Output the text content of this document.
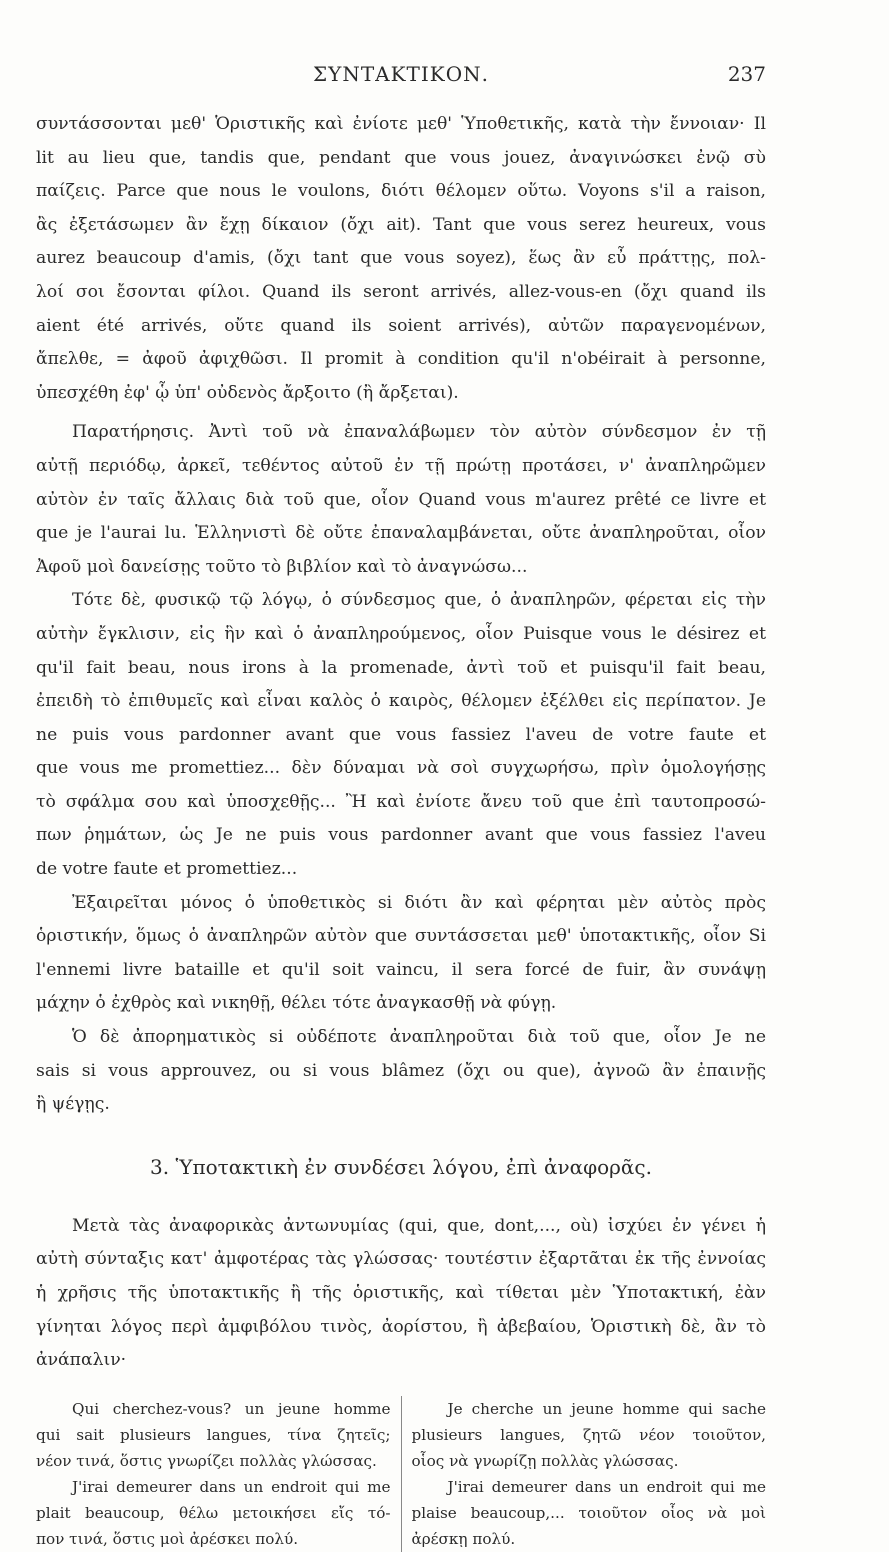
ΣΥΝΤΑΚΤΙΚΟΝ.	237
συντάσσονται μεθ' Ὁριστικῆς καὶ ἐνίοτε μεθ' Ὑποθετικῆς, κατὰ τὴν ἔννοιαν· Il
lit au lieu que, tandis que, pendant que vous jouez, ἀναγινώσκει ἐνῷ σὺ
παίζεις. Parce que nous le voulons, διότι θέλομεν οὕτω. Voyons s'il a raison,
ἂς ἐξετάσωμεν ἂν ἔχῃ δίκαιον (ὄχι ait). Tant que vous serez heureux, vous
aurez beaucoup d'amis, (ὄχι tant que vous soyez), ἕως ἂν εὖ πράττῃς, πολ-
λοί σοι ἔσονται φίλοι. Quand ils seront arrivés, allez-vous-en (ὄχι quand ils
aient été arrivés, οὔτε quand ils soient arrivés), αὐτῶν παραγενομένων,
ἄπελθε, = ἀφοῦ ἀφιχθῶσι. Il promit à condition qu'il n'obéirait à personne,
ὑπεσχέθη ἐφ' ᾧ ὑπ' οὐδενὸς ἄρξοιτο (ἢ ἄρξεται).
Παρατήρησις. Ἀντὶ τοῦ νὰ ἐπαναλάβωμεν τὸν αὐτὸν σύνδεσμον ἐν τῇ
αὐτῇ περιόδῳ, ἀρκεῖ, τεθέντος αὐτοῦ ἐν τῇ πρώτῃ προτάσει, ν' ἀναπληρῶμεν
αὐτὸν ἐν ταῖς ἄλλαις διὰ τοῦ que, οἷον Quand vous m'aurez prêté ce livre et
que je l'aurai lu. Ἑλληνιστὶ δὲ οὔτε ἐπαναλαμβάνεται, οὔτε ἀναπληροῦται, οἷον
Ἀφοῦ μοὶ δανείσῃς τοῦτο τὸ βιβλίον καὶ τὸ ἀναγνώσω...
Τότε δὲ, φυσικῷ τῷ λόγῳ, ὁ σύνδεσμος que, ὁ ἀναπληρῶν, φέρεται εἰς τὴν
αὐτὴν ἔγκλισιν, εἰς ἣν καὶ ὁ ἀναπληρούμενος, οἷον Puisque vous le désirez et
qu'il fait beau, nous irons à la promenade, ἀντὶ τοῦ et puisqu'il fait beau,
ἐπειδὴ τὸ ἐπιθυμεῖς καὶ εἶναι καλὸς ὁ καιρὸς, θέλομεν ἐξέλθει εἰς περίπατον. Je
ne puis vous pardonner avant que vous fassiez l'aveu de votre faute et
que vous me promettiez... δὲν δύναμαι νὰ σοὶ συγχωρήσω, πρὶν ὁμολογήσῃς
τὸ σφάλμα σου καὶ ὑποσχεθῇς... Ἢ καὶ ἐνίοτε ἄνευ τοῦ que ἐπὶ ταυτοπροσώ-
πων ῥημάτων, ὡς Je ne puis vous pardonner avant que vous fassiez l'aveu
de votre faute et promettiez...
Ἐξαιρεῖται μόνος ὁ ὑποθετικὸς si διότι ἂν καὶ φέρηται μὲν αὐτὸς πρὸς
ὁριστικήν, ὅμως ὁ ἀναπληρῶν αὐτὸν que συντάσσεται μεθ' ὑποτακτικῆς, οἷον Si
l'ennemi livre bataille et qu'il soit vaincu, il sera forcé de fuir, ἂν συνάψῃ
μάχην ὁ ἐχθρὸς καὶ νικηθῇ, θέλει τότε ἀναγκασθῇ νὰ φύγῃ.
Ὁ δὲ ἀπορηματικὸς si οὐδέποτε ἀναπληροῦται διὰ τοῦ que, οἷον Je ne
sais si vous approuvez, ou si vous blâmez (ὄχι ou que), ἀγνοῶ ἂν ἐπαινῇς
ἢ ψέγῃς.
3. Ὑποτακτικὴ ἐν συνδέσει λόγου, ἐπὶ ἀναφορᾶς.
Μετὰ τὰς ἀναφορικὰς ἀντωνυμίας (qui, que, dont,..., où) ἰσχύει ἐν γένει ἡ
αὐτὴ σύνταξις κατ' ἀμφοτέρας τὰς γλώσσας· τουτέστιν ἐξαρτᾶται ἐκ τῆς ἐννοίας
ἡ χρῆσις τῆς ὑποτακτικῆς ἢ τῆς ὁριστικῆς, καὶ τίθεται μὲν Ὑποτακτική, ἐὰν
γίνηται λόγος περὶ ἀμφιβόλου τινὸς, ἀορίστου, ἢ ἀβεβαίου, Ὁριστικὴ δὲ, ἂν τὸ
ἀνάπαλιν·
Qui cherchez-vous? un jeune homme
qui sait plusieurs langues, τίνα ζητεῖς;
νέον τινά, ὅστις γνωρίζει πολλὰς γλώσσας.
J'irai demeurer dans un endroit qui me
plait beaucoup, θέλω μετοικήσει εἴς τό-
πον τινά, ὅστις μοὶ ἀρέσκει πολύ.
Je cherche un jeune homme qui sache
plusieurs langues, ζητῶ νέον τοιοῦτον,
οἷος νὰ γνωρίζῃ πολλὰς γλώσσας.
J'irai demeurer dans un endroit qui me
plaise beaucoup,... τοιοῦτον οἷος νὰ μοὶ
ἀρέσκῃ πολύ.
